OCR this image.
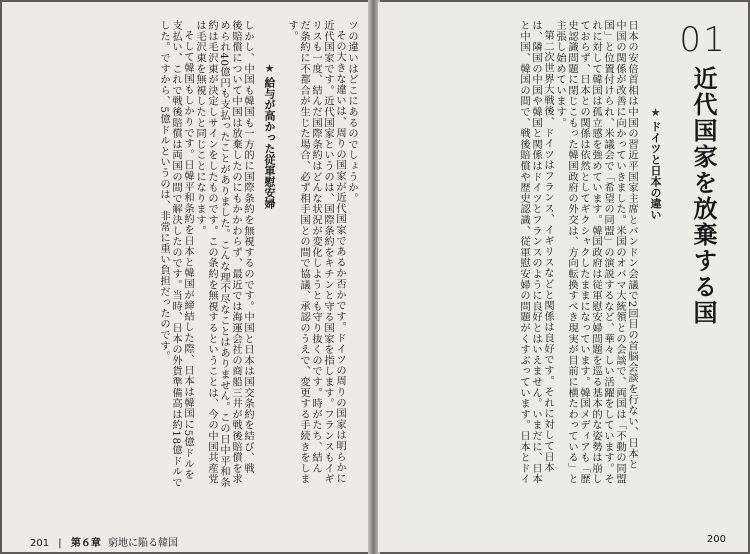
ツの違いはどこにあるのでしょうか。
その大きな違いは、周りの国家が近代国家であるか否かです。ドイツの周りの国家は明らかに
近代国家です。近代国家というのは、国際条約をキチンと守る国家を指します。フランスもイギ
リスも一度、結んだ国際条約はどんな状況が変化しようとも守り抜くのです。時がたち、結ん
だ条約に不都合が生じた場合、必ず相手国との間で協議、承認のうえで、変更する手続きをしま
す。
★給与が高かった従軍慰安婦
しかし、中国も韓国も一方的に国際条約を無視するのです。中国と日本は国交条約を結び、戦
後賠償について中国は放棄したのにもかかわらず、最近では海運会社の商船三井が戦後賠償を求
められ40億円も支払ったことがありました。こんな理不尽なことはありません。この日中平和条
約は毛沢東が決定しサインをしたものです。この条約を無視するということは、今の中国共産党
は毛沢東を無視したと同じことになります。
そして韓国もしかりです。日韓平和条約を日本と韓国が締結した際、日本は韓国に5億ドルを
支払い、これで戦後賠償は両国の間で解決したのです。当時、日本の外貨準備高は約18億ドルで
した。ですから、5億ドルというのは、非常に重い負担だったのです。
201 | 第６章 窮地に陥る韓国
01
近代国家を放棄する国
★ドイツと日本の違い
日本の安倍首相は中国の習近平国家主席とバンドン会議で2回目の首脳会談を行ない、日本と
中国の関係が改善に向かっていきました。米国のオバマ大統領との会談で、両国は「不動の同盟
国」と位置付けられ、米議会で「希望の同盟」の演説するなど、華々しい活躍をしています。そ
れに対して韓国は孤立感を強めています。韓国政府は従軍慰安婦問題を巡る基本的な姿勢は崩し
ておらず、日本との関係は依然としてギクシャクしたままになっています。韓国メディアも「歴
史認識問題に閉じこもった韓国政府の外交は、方向転換すべき現実が目前に横たわっている」と
主張し始めています。
第二次世界大戦後、ドイツはフランス、イギリスなどと関係は良好です。それに対して日本
は、隣国の中国や韓国と関係はドイツとフランスのように良好とはいえません。いまだに、日本
と中国、韓国の間で、戦後賠償や歴史認識、従軍慰安婦の問題がくすぶっています。日本とドイ
200
